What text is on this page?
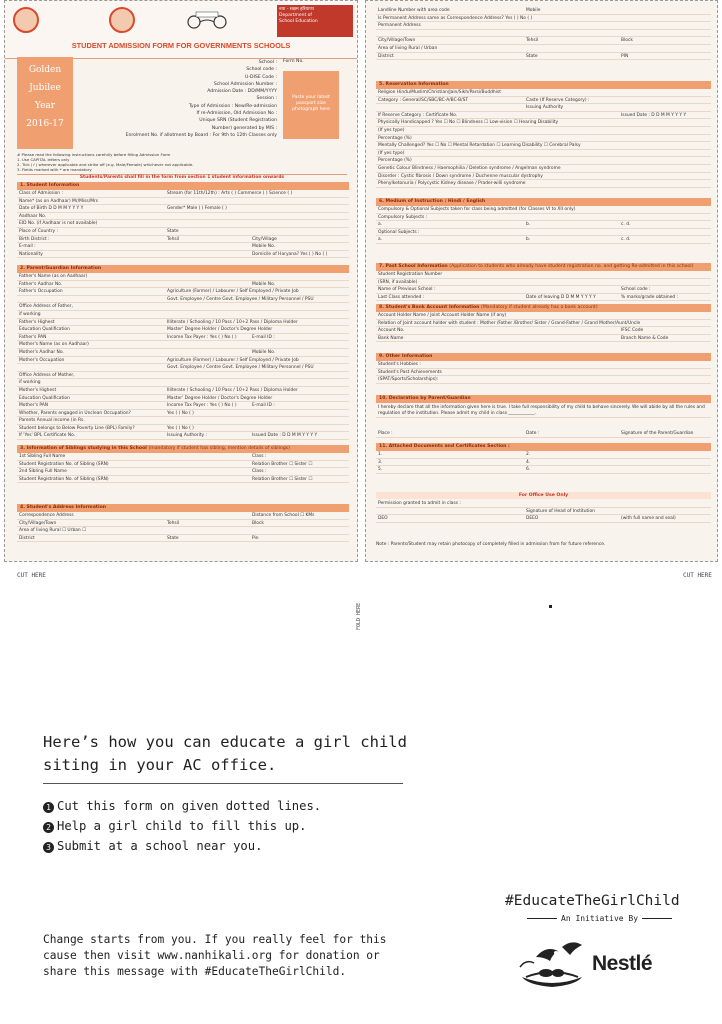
नया - सक्षम हरियाणा
Department of
School Education
STUDENT ADMISSION FORM FOR GOVERNMENTS SCHOOLS
Golden
Jubilee
Year
2016-17
School :
School code :
U-DISE Code :
School Admission Number :
Admission Date : DD/MM/YYYY
Session :
Type of Admission : New/Re-admission
If re-Admission, Old Admission No :
Unique SRN (Student Registration
Number) generated by MIS :
Enrolment No. if allotment by Board : For 9th to 12th Classes only
Form No.
Paste your latest passport size photograph here
# Please read the following instructions carefully before filling Admission Form
1. Use CAPITAL letters only
2. Tick (✓) wherever applicable and strike off (e.g. Male/Female) whichever not applicable.
3. Fields marked with * are mandatory
Students/Parents shall fill in the form from section 1 student information onwards
1. Student Information
Class of Admission :	Stream (for 11th/12th) : Arts ( ) Commerce ( ) Science ( )
Name* (as on Aadhaar) Mr/Miss/Mrs
Date of Birth D D M M Y Y Y Y	Gender* Male ( ) Female ( )
Aadhaar No.
EID No. (if Aadhaar is not available)
Place of Country :	State
Birth District :	Tehsil	City/Village
E-mail :	Mobile No.
Nationality	Domicile of Haryana? Yes ( ) No ( )
2. Parent/Guardian Information
Father's Name (as on Aadhaar)
Father's Aadhar No.	Mobile No.
Father's Occupation	Agriculture (Farmer) / Labourer / Self Employed / Private Job
Govt. Employee / Centre Govt. Employee / Military Personnel / PSU
Office Address of Father,
if working
Father's Highest	Illiterate / Schooling / 10 Pass / 10+2 Pass / Diploma Holder
Education Qualification	Master' Degree Holder / Doctor's Degree Holder
Father's PAN	Income Tax Payer : Yes ( ) No ( )	E-mail ID :
Mother's Name (as on Aadhaar)
Mother's Aadhar No.	Mobile No.
Mother's Occupation	Agriculture (Farmer) / Labourer / Self Employed / Private Job
Govt. Employee / Centre Govt. Employee / Military Personnel / PSU
Office Address of Mother,
if working
Mother's Highest	Illiterate / Schooling / 10 Pass / 10+2 Pass / Diploma Holder
Education Qualification	Master' Degree Holder / Doctor's Degree Holder
Mother's PAN	Income Tax Payer : Yes ( ) No ( )	E-mail ID :
Whether, Parents engaged in Unclean Occupation?	Yes ( ) No ( )
Parents Annual income (in Rs.
Student belongs to Below Poverty Line (BPL) Family?	Yes ( ) No ( )
If 'Yes' BPL Certificate No.	Issuing Authority :	Issued Date : D D M M Y Y Y Y
3. Information of Siblings studying in this School (mandatory if student has sibling, mention details of siblings)
1st Sibling Full Name	Class :
Student Registration No. of Sibling (SRN)	Relation Brother ☐ Sister ☐
2nd Sibling Full Name	Class :
Student Registration No. of Sibling (SRN)	Relation Brother ☐ Sister ☐
4. Student's Address Information
Correspondence Address	Distance from School ☐ KMs
City/Village/Town	Tehsil	Block
Area of living Rural ☐ Urban ☐
District	State	Pin
Landline Number with area code	Mobile
Is Permanent Address same as Correspondence Address? Yes ( ) No ( )
Permanent Address
City/Village/Town	Tehsil	Block
Area of living Rural / Urban
District	State	PIN
5. Reservation Information
Religion Hindu/Muslim/Christian/Jain/Sikh/Parsi/Buddhist
Category : General/SC/SBC/BC-A/BC-B/ST	Caste (If Reserve Category) :
Issuing Authority
If Reserve Category : Certificate No.	Issued Date : D D M M Y Y Y Y
Physically Handicapped ? Yes ☐ No ☐ Blindness ☐ Low-vision ☐ Hearing Disability
(If yes type)
Percentage (%)
Mentally Challenged? Yes ☐ No ☐ Mental Retardation ☐ Learning Disability ☐ Cerebral Palsy
(If yes type)
Percentage (%)
Genetic Colour Blindness / Haemophilia / Deletion syndrome / Angelman syndrome
Disorder : Cystic fibrosis / Down syndrome / Duchenne muscular dystrophy
Phenylketonuria / Polycystic Kidney disease / Prader-willi syndrome
6. Medium of Instruction : Hindi / English
Compulsory & Optional Subjects taken for class being admitted (for Classes VI to XII only)
Compulsory Subjects :
a.	b.	c. d.
Optional Subjects :
a.	b.	c. d.
7. Past School Information (Application to students who already have student registration no. and getting Re-admitted in this school)
Student Registration Number
(SRN, if available)
Name of Previous School :	School code :
Last Class attended :	Date of leaving D D M M Y Y Y Y	% marks/grade obtained :
8. Student's Bank Account Information (Mandatory if student already has a bank account)
Account Holder Name / Joint Account Holder Name (if any)
Relation of Joint account holder with student : Mother /Father /Brother/ Sister / Grand-Father / Grand Mother/Aunt/Uncle
Account No.	IFSC Code
Bank Name	Branch Name & Code
9. Other Information
Student's Hobbies :
Student's Past Achievements
(SPAT/Sports/Scholarships):
10. Declaration by Parent/Guardian
I hereby declare that all the information given here is true. I take full responsibility of my child to behave sincerely. We will abide by all the rules and regulation of the institution. Please admit my child in class ____________.
Place :	Date :	Signature of the Parent/Guardian
11. Attached Documents and Certificates Section :
1.	2.
3.	4.
5.	6.
For Office Use Only
Permission granted to admit in class :
Signature of Head of Institution
DEO	DEEO	(with full name and seal)
Note : Parents/Student may retain photocopy of completely filled in admission from for future reference.
CUT HERE	CUT HERE
FOLD HERE
Here’s how you can educate a girl child
siting in your AC office.
1 Cut this form on given dotted lines.
2 Help a girl child to fill this up.
3 Submit at a school near you.
Change starts from you. If you really feel for this
cause then visit www.nanhikali.org for donation or
share this message with #EducateTheGirlChild.
#EducateTheGirlChild
An Initiative By
Nestlé
